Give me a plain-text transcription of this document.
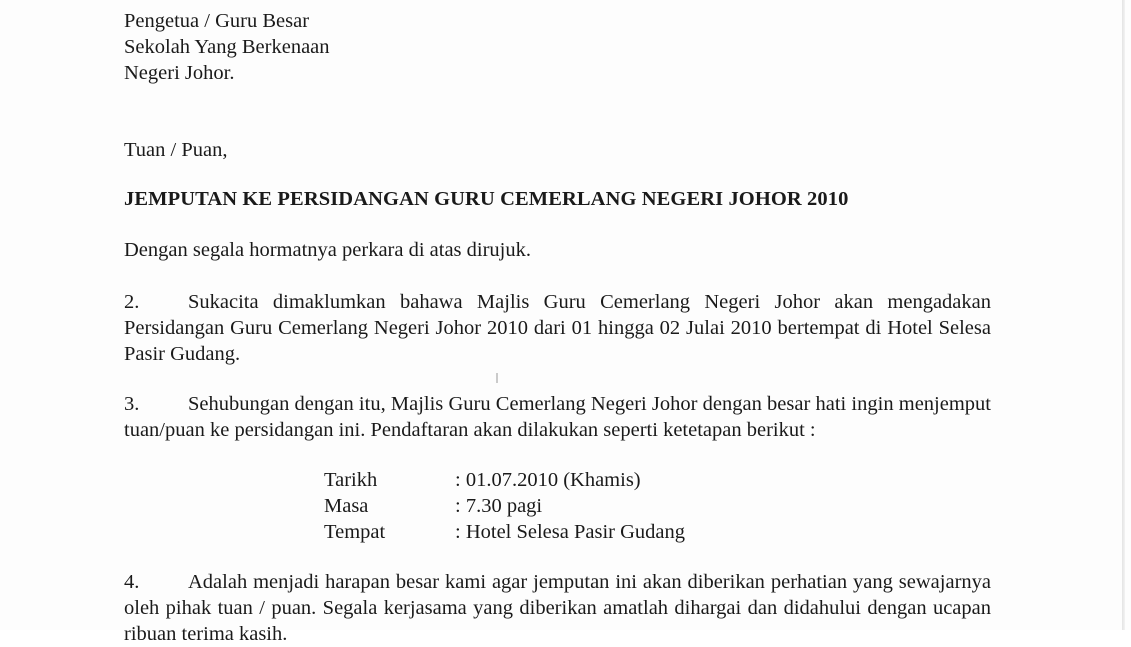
Pengetua / Guru Besar
Sekolah Yang Berkenaan
Negeri Johor.
Tuan / Puan,
JEMPUTAN KE PERSIDANGAN GURU CEMERLANG NEGERI JOHOR 2010
Dengan segala hormatnya perkara di atas dirujuk.
2. Sukacita dimaklumkan bahawa Majlis Guru Cemerlang Negeri Johor akan mengadakan Persidangan Guru Cemerlang Negeri Johor 2010 dari 01 hingga 02 Julai 2010 bertempat di Hotel Selesa Pasir Gudang.
3. Sehubungan dengan itu, Majlis Guru Cemerlang Negeri Johor dengan besar hati ingin menjemput tuan/puan ke persidangan ini. Pendaftaran akan dilakukan seperti ketetapan berikut :
Tarikh	: 01.07.2010 (Khamis)
Masa	: 7.30 pagi
Tempat	: Hotel Selesa Pasir Gudang
4. Adalah menjadi harapan besar kami agar jemputan ini akan diberikan perhatian yang sewajarnya oleh pihak tuan / puan. Segala kerjasama yang diberikan amatlah dihargai dan didahului dengan ucapan ribuan terima kasih.
